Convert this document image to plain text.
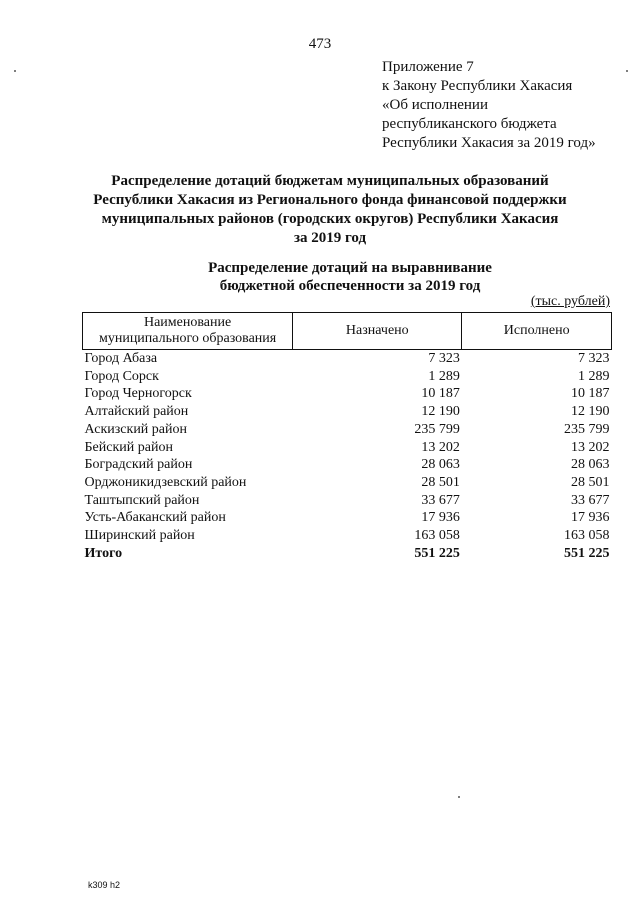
473
Приложение 7
к Закону Республики Хакасия
«Об исполнении
республиканского бюджета
Республики Хакасия за 2019 год»
Распределение дотаций бюджетам муниципальных образований
Республики Хакасия из Регионального фонда финансовой поддержки
муниципальных районов (городских округов) Республики Хакасия
за 2019 год
Распределение дотаций на выравнивание
бюджетной обеспеченности за 2019 год
(тыс. рублей)
Наименование
муниципального образования	Назначено	Исполнено
Город Абаза	7 323	7 323
Город Сорск	1 289	1 289
Город Черногорск	10 187	10 187
Алтайский район	12 190	12 190
Аскизский район	235 799	235 799
Бейский район	13 202	13 202
Боградский район	28 063	28 063
Орджоникидзевский район	28 501	28 501
Таштыпский район	33 677	33 677
Усть-Абаканский район	17 936	17 936
Ширинский район	163 058	163 058
Итого	551 225	551 225
k309 h2
